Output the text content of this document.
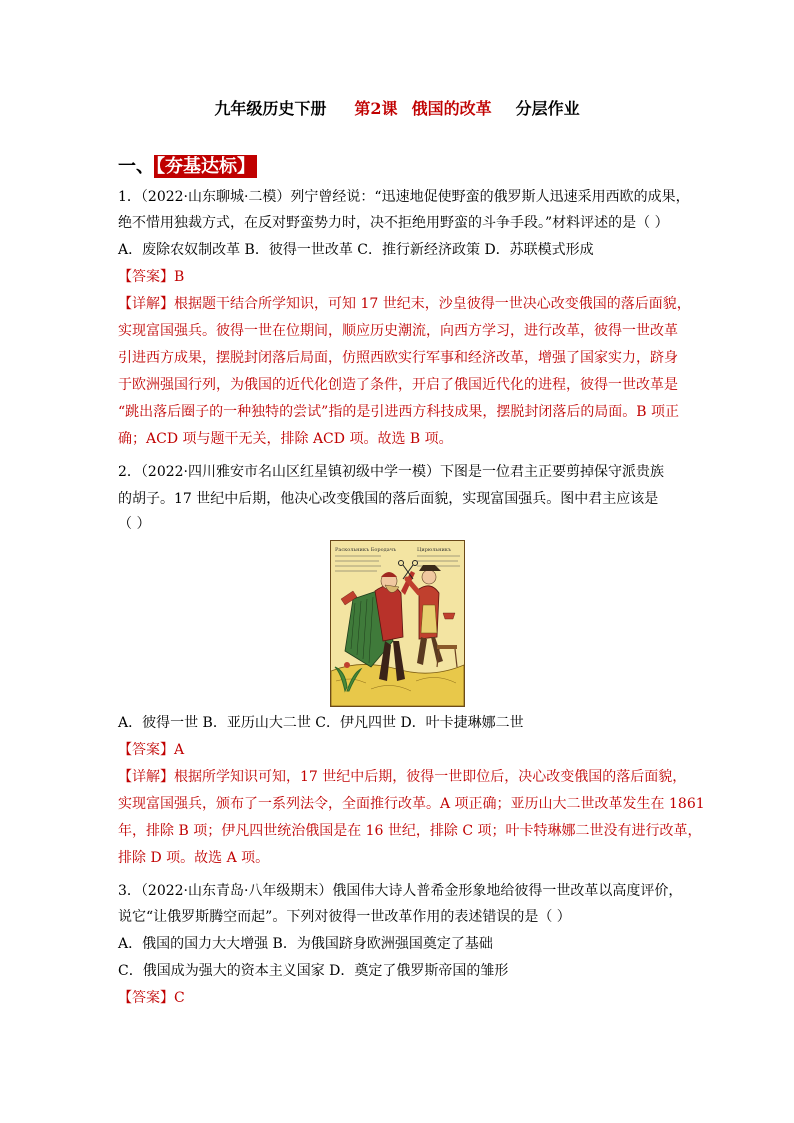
九年级历史下册 第2课 俄国的改革 分层作业
一、 【夯基达标】
1．（2022·山东聊城·二模）列宁曾经说：“迅速地促使野蛮的俄罗斯人迅速采用西欧的成果，
绝不惜用独裁方式，在反对野蛮势力时，决不拒绝用野蛮的斗争手段。”材料评述的是（ ）
A．废除农奴制改革 B．彼得一世改革 C．推行新经济政策 D．苏联模式形成
【答案】B
【详解】根据题干结合所学知识，可知 17 世纪末，沙皇彼得一世决心改变俄国的落后面貌，
实现富国强兵。彼得一世在位期间，顺应历史潮流，向西方学习，进行改革，彼得一世改革
引进西方成果，摆脱封闭落后局面，仿照西欧实行军事和经济改革，增强了国家实力，跻身
于欧洲强国行列，为俄国的近代化创造了条件，开启了俄国近代化的进程，彼得一世改革是
“跳出落后圈子的一种独特的尝试”指的是引进西方科技成果，摆脱封闭落后的局面。B 项正
确；ACD 项与题干无关，排除 ACD 项。故选 B 项。
2．（2022·四川雅安市名山区红星镇初级中学一模）下图是一位君主正要剪掉保守派贵族
的胡子。17 世纪中后期，他决心改变俄国的落后面貌，实现富国强兵。图中君主应该是
（ ）
Раскольникъ Бородачъ	Цирюльникъ
A．彼得一世 B．亚历山大二世 C．伊凡四世 D．叶卡捷琳娜二世
【答案】A
【详解】根据所学知识可知，17 世纪中后期，彼得一世即位后，决心改变俄国的落后面貌，
实现富国强兵，颁布了一系列法令，全面推行改革。A 项正确；亚历山大二世改革发生在 1861
年，排除 B 项；伊凡四世统治俄国是在 16 世纪，排除 C 项；叶卡特琳娜二世没有进行改革，
排除 D 项。故选 A 项。
3．（2022·山东青岛·八年级期末）俄国伟大诗人普希金形象地给彼得一世改革以高度评价，
说它“让俄罗斯腾空而起”。下列对彼得一世改革作用的表述错误的是（ ）
A．俄国的国力大大增强 B．为俄国跻身欧洲强国奠定了基础
C．俄国成为强大的资本主义国家 D．奠定了俄罗斯帝国的雏形
【答案】C
